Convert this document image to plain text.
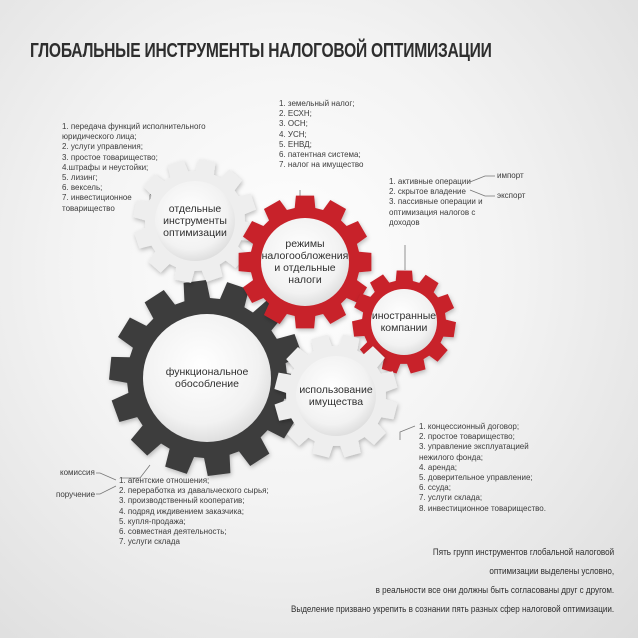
ГЛОБАЛЬНЫЕ ИНСТРУМЕНТЫ НАЛОГОВОЙ ОПТИМИЗАЦИИ
1. передача функций исполнительного
юридического лица;
2. услуги управления;
3. простое товарищество;
4.штрафы и неустойки;
5. лизинг;
6. вексель;
7. инвестиционное
товарищество
1. земельный налог;
2. ЕСХН;
3. ОСН;
4. УСН;
5. ЕНВД;
6. патентная система;
7. налог на имущество
1. активные операции
2. скрытое владение
3. пассивные операции и
оптимизация налогов с
доходов
импорт
экспорт
1. концессионный договор;
2. простое товарищество;
3. управление эксплуатацией
нежилого фонда;
4. аренда;
5. доверительное управление;
6. ссуда;
7. услуги склада;
8. инвестиционное товарищество.
1. агентские отношения;
2. переработка из давальческого сырья;
3. производственный кооператив;
4. подряд иждивением заказчика;
5. купля-продажа;
6. совместная деятельность;
7. услуги склада
комиссия
поручение
отдельные
инструменты
оптимизации
режимы
налогообложения
и отдельные
налоги
иностранные
компании
функциональное
обособление	использование
имущества
Пять групп инструментов глобальной налоговой
оптимизации выделены условно,
в реальности все они должны быть согласованы друг с другом.
Выделение призвано укрепить в сознании пять разных сфер налоговой оптимизации.
